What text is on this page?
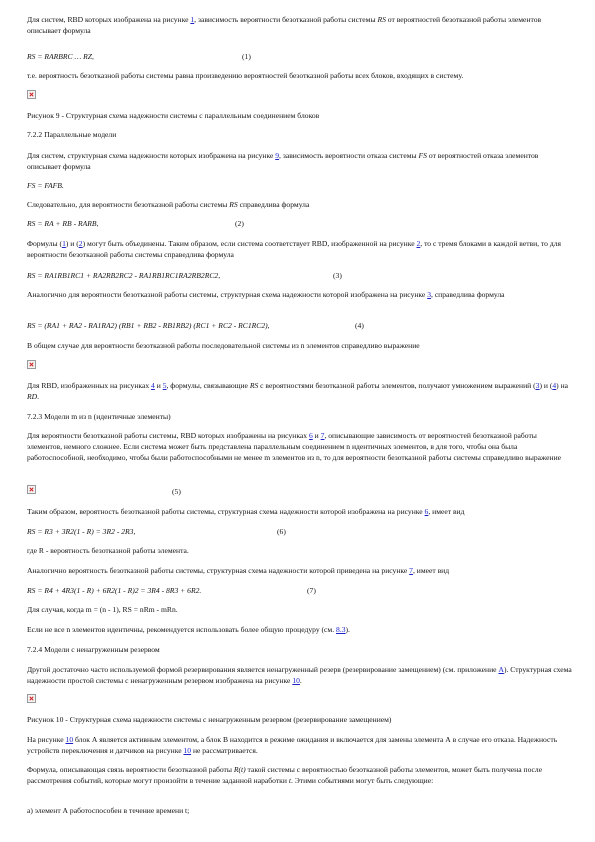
Для систем, RBD которых изображена на рисунке 1, зависимость вероятности безотказной работы системы RS от вероятностей безотказной работы элементов описывает формула

RS = RARBRC … RZ,	(1)

т.е. вероятность безотказной работы системы равна произведению вероятностей безотказной работы всех блоков, входящих в систему.

Рисунок 9 - Структурная схема надежности системы с параллельным соединением блоков

7.2.2 Параллельные модели

Для систем, структурная схема надежности которых изображена на рисунке 9, зависимость вероятности отказа системы FS от вероятностей отказа элементов описывает формула

FS = FAFB.

Следовательно, для вероятности безотказной работы системы RS справедлива формула

RS = RA + RB - RARB,	(2)

Формулы (1) и (2) могут быть объединены. Таким образом, если система соответствует RBD, изображенной на рисунке 2, то с тремя блоками в каждой ветви, то для вероятности безотказной работы системы справедлива формула

RS = RA1RB1RC1 + RA2RB2RC2 - RA1RB1RC1RA2RB2RC2,	(3)

Аналогично для вероятности безотказной работы системы, структурная схема надежности которой изображена на рисунке 3, справедлива формула

RS = (RA1 + RA2 - RA1RA2) (RB1 + RB2 - RB1RB2) (RC1 + RC2 - RC1RC2),	(4)

В общем случае для вероятности безотказной работы последовательной системы из n элементов справедливо выражение

Для RBD, изображенных на рисунках 4 и 5, формулы, связывающие RS с вероятностями безотказной работы элементов, получают умножением выражений (3) и (4) на RD.

7.2.3 Модели m из n (идентичные элементы)

Для вероятности безотказной работы системы, RBD которых изображены на рисунках 6 и 7, описывающие зависимость от вероятностей безотказной работы элементов, немного сложнее. Если система может быть представлена параллельным соединением n идентичных элементов, в для того, чтобы она была работоспособной, необходимо, чтобы были работоспособными не менее m элементов из n, то для вероятности безотказной работы системы справедливо выражение

(5)

Таким образом, вероятность безотказной работы системы, структурная схема надежности которой изображена на рисунке 6, имеет вид

RS = R3 + 3R2(1 - R) = 3R2 - 2R3,	(6)

где R - вероятность безотказной работы элемента.

Аналогично вероятность безотказной работы системы, структурная схема надежности которой приведена на рисунке 7, имеет вид

RS = R4 + 4R3(1 - R) + 6R2(1 - R)2 = 3R4 - 8R3 + 6R2.	(7)

Для случая, когда m = (n - 1), RS = nRm - mRn.

Если не все n элементов идентичны, рекомендуется использовать более общую процедуру (см. 8.3).

7.2.4 Модели с ненагруженным резервом

Другой достаточно часто используемой формой резервирования является ненагруженный резерв (резервирование замещением) (см. приложение А). Структурная схема надежности простой системы с ненагруженным резервом изображена на рисунке 10.

Рисунок 10 - Структурная схема надежности системы с ненагруженным резервом (резервирование замещением)

На рисунке 10 блок А является активным элементом, а блок В находится в режиме ожидания и включается для замены элемента А в случае его отказа. Надежность устройств переключения и датчиков на рисунке 10 не рассматривается.

Формула, описывающая связь вероятности безотказной работы R(t) такой системы с вероятностью безотказной работы элементов, может быть получена после рассмотрения событий, которые могут произойти в течение заданной наработки t. Этими событиями могут быть следующие:

а) элемент А работоспособен в течение времени t;
